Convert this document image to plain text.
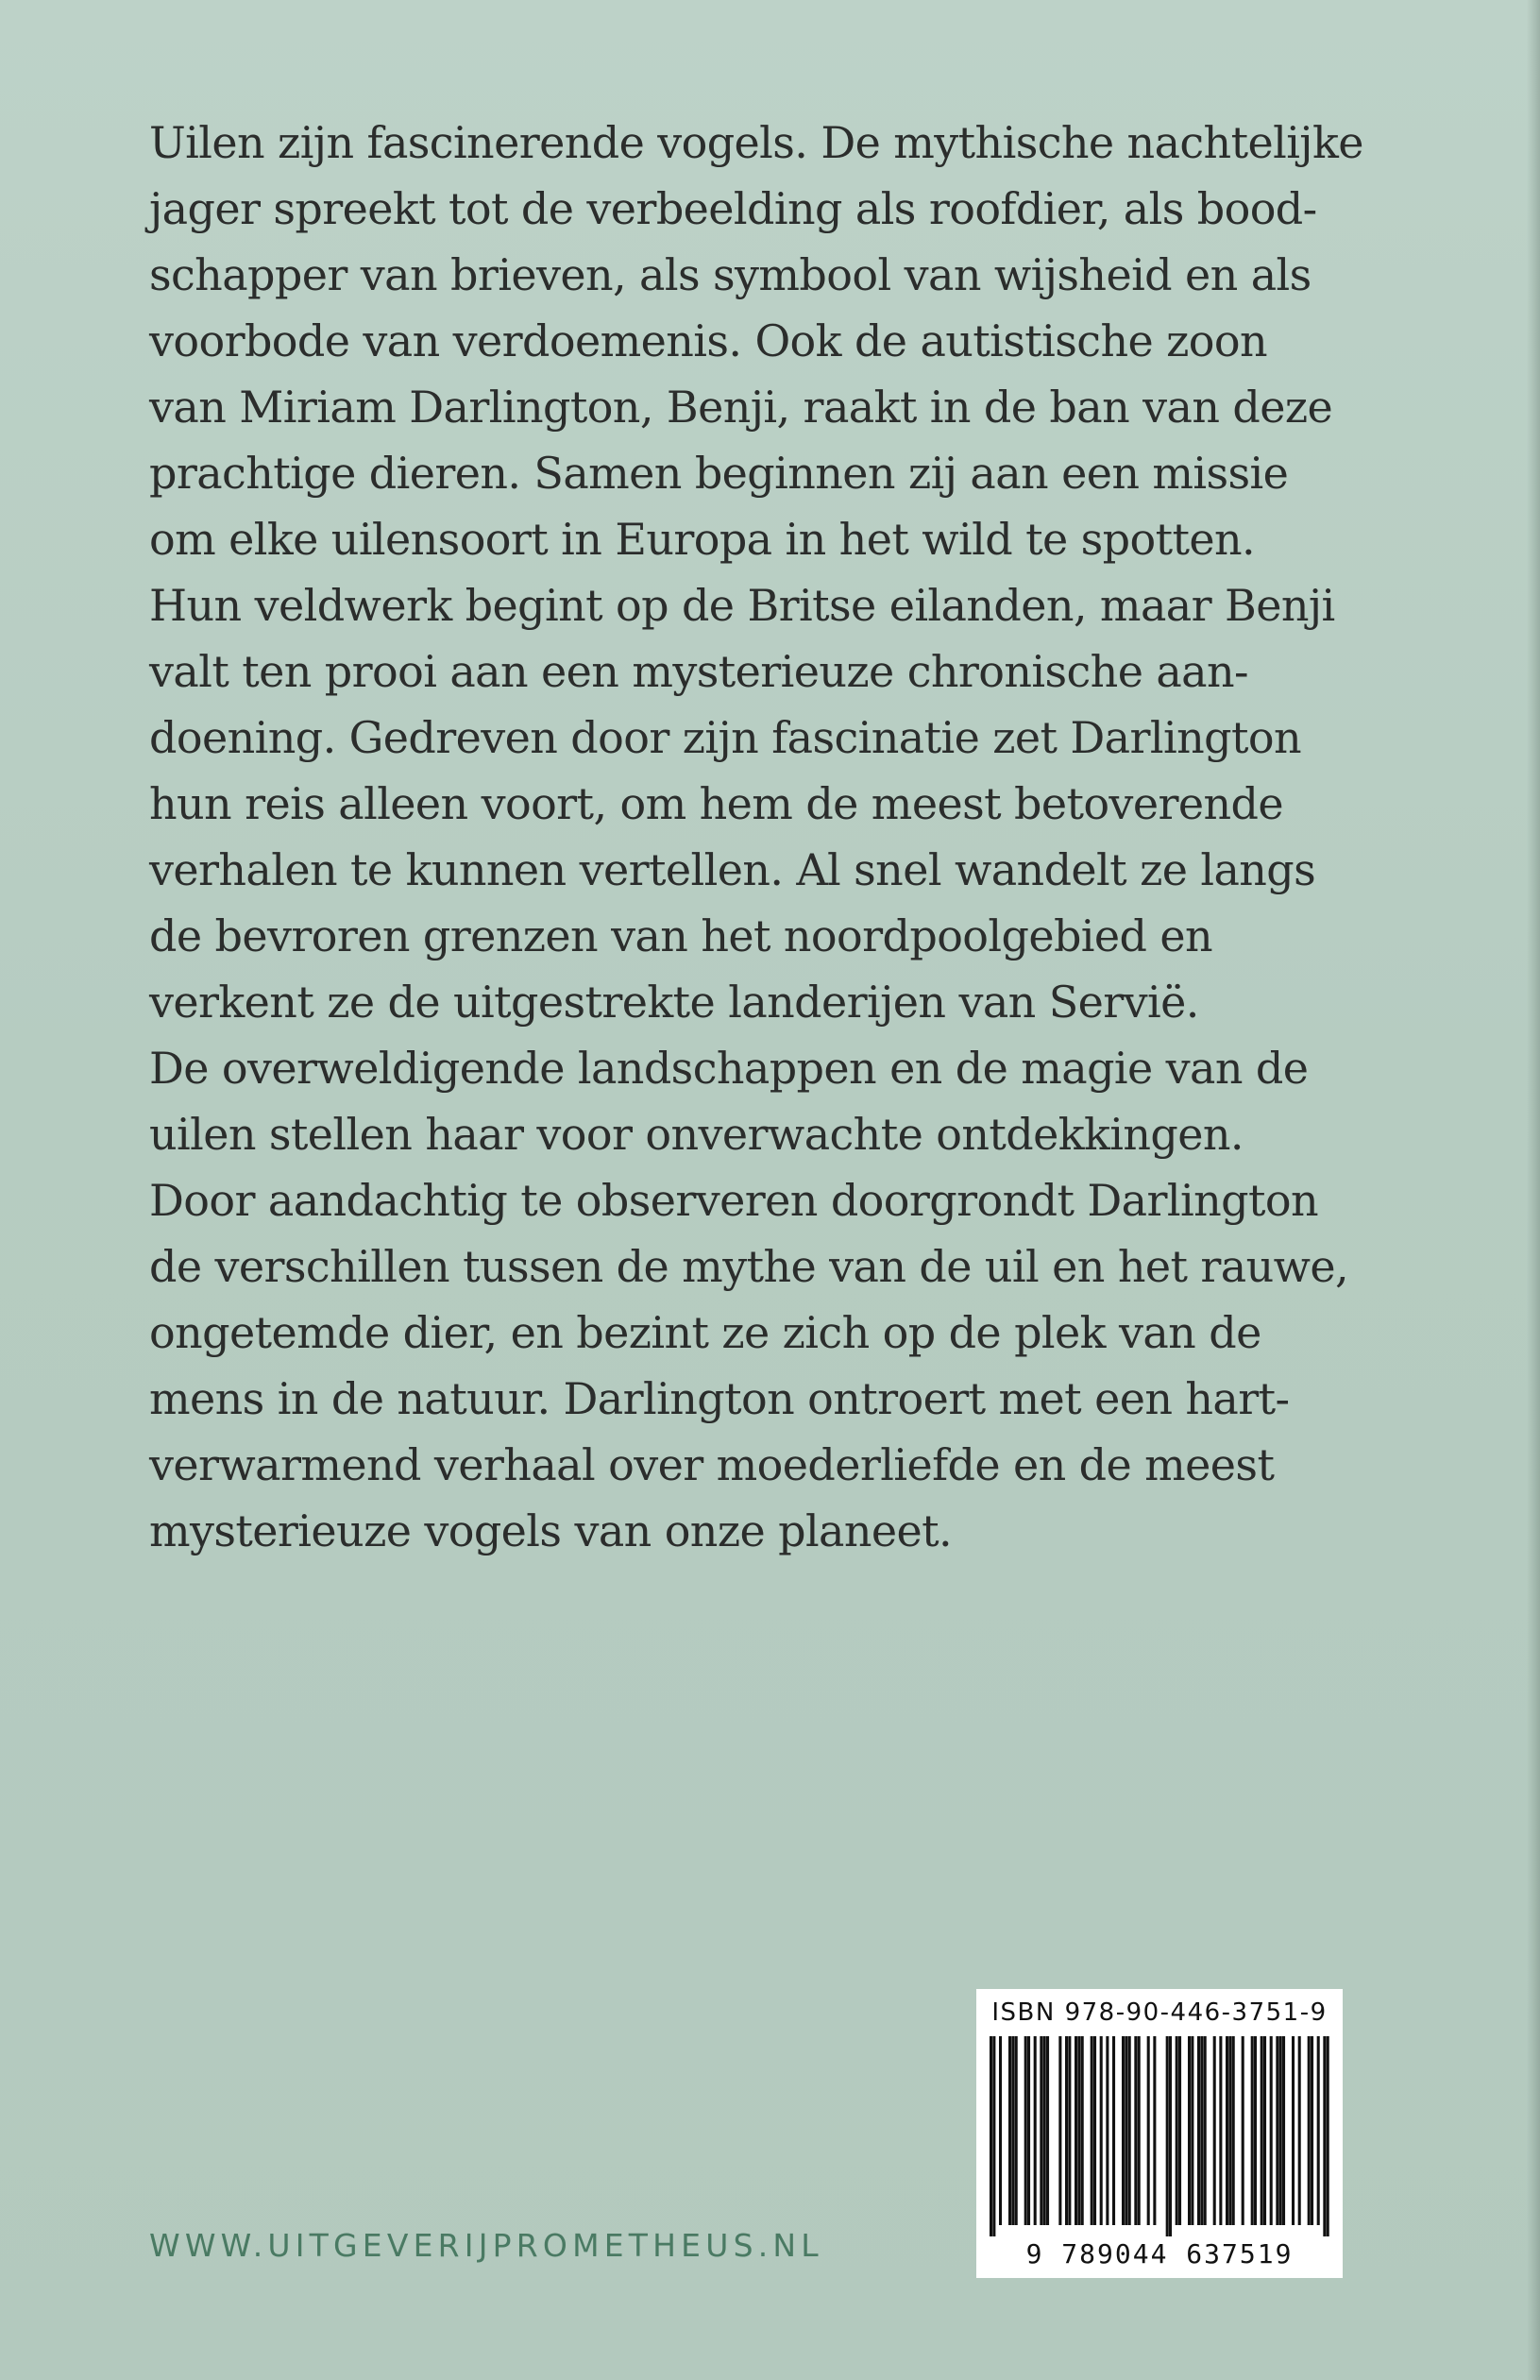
Uilen zijn fascinerende vogels. De mythische nachtelijke
jager spreekt tot de verbeelding als roofdier, als bood-
schapper van brieven, als symbool van wijsheid en als
voorbode van verdoemenis. Ook de autistische zoon
van Miriam Darlington, Benji, raakt in de ban van deze
prachtige dieren. Samen beginnen zij aan een missie
om elke uilensoort in Europa in het wild te spotten.
Hun veldwerk begint op de Britse eilanden, maar Benji
valt ten prooi aan een mysterieuze chronische aan-
doening. Gedreven door zijn fascinatie zet Darlington
hun reis alleen voort, om hem de meest betoverende
verhalen te kunnen vertellen. Al snel wandelt ze langs
de bevroren grenzen van het noordpoolgebied en
verkent ze de uitgestrekte landerijen van Servië.
De overweldigende landschappen en de magie van de
uilen stellen haar voor onverwachte ontdekkingen.
Door aandachtig te observeren doorgrondt Darlington
de verschillen tussen de mythe van de uil en het rauwe,
ongetemde dier, en bezint ze zich op de plek van de
mens in de natuur. Darlington ontroert met een hart-
verwarmend verhaal over moederliefde en de meest
mysterieuze vogels van onze planeet.

WWW.UITGEVERIJPROMETHEUS.NL
ISBN 978-90-446-3751-9
9 789044 637519
